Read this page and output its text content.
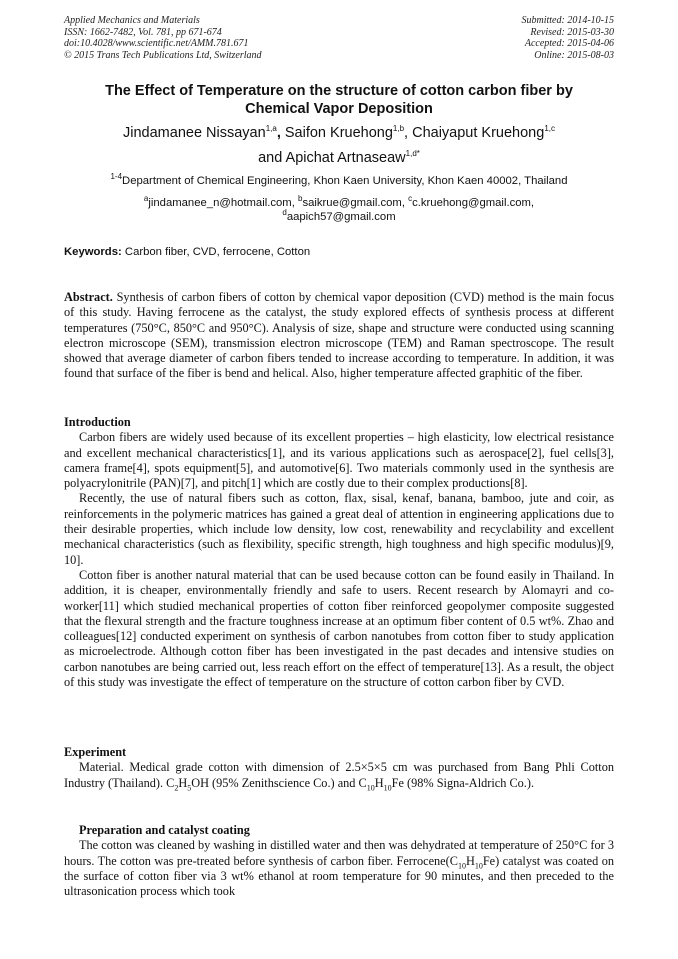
Applied Mechanics and Materials
ISSN: 1662-7482, Vol. 781, pp 671-674
doi:10.4028/www.scientific.net/AMM.781.671
© 2015 Trans Tech Publications Ltd, Switzerland
Submitted: 2014-10-15
Revised: 2015-03-30
Accepted: 2015-04-06
Online: 2015-08-03
The Effect of Temperature on the structure of cotton carbon fiber by
Chemical Vapor Deposition
Jindamanee Nissayan$^{1,a}$, Saifon Kruehong$^{1,b}$, Chaiyaput Kruehong$^{1,c}$
and Apichat Artnaseaw$^{1,d*}$
$^{1-4}$Department of Chemical Engineering, Khon Kaen University, Khon Kaen 40002, Thailand
$^a$jindamanee_n@hotmail.com, $^b$saikrue@gmail.com, $^c$c.kruehong@gmail.com,
$^d$aapich57@gmail.com
Keywords: Carbon fiber, CVD, ferrocene, Cotton

Abstract. Synthesis of carbon fibers of cotton by chemical vapor deposition (CVD) method is the main focus of this study. Having ferrocene as the catalyst, the study explored effects of synthesis process at different temperatures (750°C, 850°C and 950°C). Analysis of size, shape and structure were conducted using scanning electron microscope (SEM), transmission electron microscope (TEM) and Raman spectroscope. The result showed that average diameter of carbon fibers tended to increase according to temperature. In addition, it was found that surface of the fiber is bend and helical. Also, higher temperature affected graphitic of the fiber.

Introduction

Carbon fibers are widely used because of its excellent properties – high elasticity, low electrical resistance and excellent mechanical characteristics[1], and its various applications such as aerospace[2], fuel cells[3], camera frame[4], spots equipment[5], and automotive[6]. Two materials commonly used in the synthesis are polyacrylonitrile (PAN)[7], and pitch[1] which are costly due to their complex productions[8].

Recently, the use of natural fibers such as cotton, flax, sisal, kenaf, banana, bamboo, jute and coir, as reinforcements in the polymeric matrices has gained a great deal of attention in engineering applications due to their desirable properties, which include low density, low cost, renewability and recyclability and excellent mechanical characteristics (such as flexibility, specific strength, high toughness and high specific modulus)[9, 10].

Cotton fiber is another natural material that can be used because cotton can be found easily in Thailand. In addition, it is cheaper, environmentally friendly and safe to users. Recent research by Alomayri and co-worker[11] which studied mechanical properties of cotton fiber reinforced geopolymer composite suggested that the flexural strength and the fracture toughness increase at an optimum fiber content of 0.5 wt%. Zhao and colleagues[12] conducted experiment on synthesis of carbon nanotubes from cotton fiber to study application as microelectrode. Although cotton fiber has been investigated in the past decades and intensive studies on carbon nanotubes are being carried out, less reach effort on the effect of temperature[13]. As a result, the object of this study was investigate the effect of temperature on the structure of cotton carbon fiber by CVD.

Experiment

Material. Medical grade cotton with dimension of 2.5×5×5 cm was purchased from Bang Phli Cotton Industry (Thailand). $C_2H_5OH$ (95% Zenithscience Co.) and $C_{10}H_{10}Fe$ (98% Signa-Aldrich Co.).

Preparation and catalyst coating

The cotton was cleaned by washing in distilled water and then was dehydrated at temperature of 250°C for 3 hours. The cotton was pre-treated before synthesis of carbon fiber. $Ferrocene(C_{10}H_{10}Fe)$ catalyst was coated on the surface of cotton fiber via 3 wt% ethanol at room temperature for 90 minutes, and then preceded to the ultrasonication process which took
